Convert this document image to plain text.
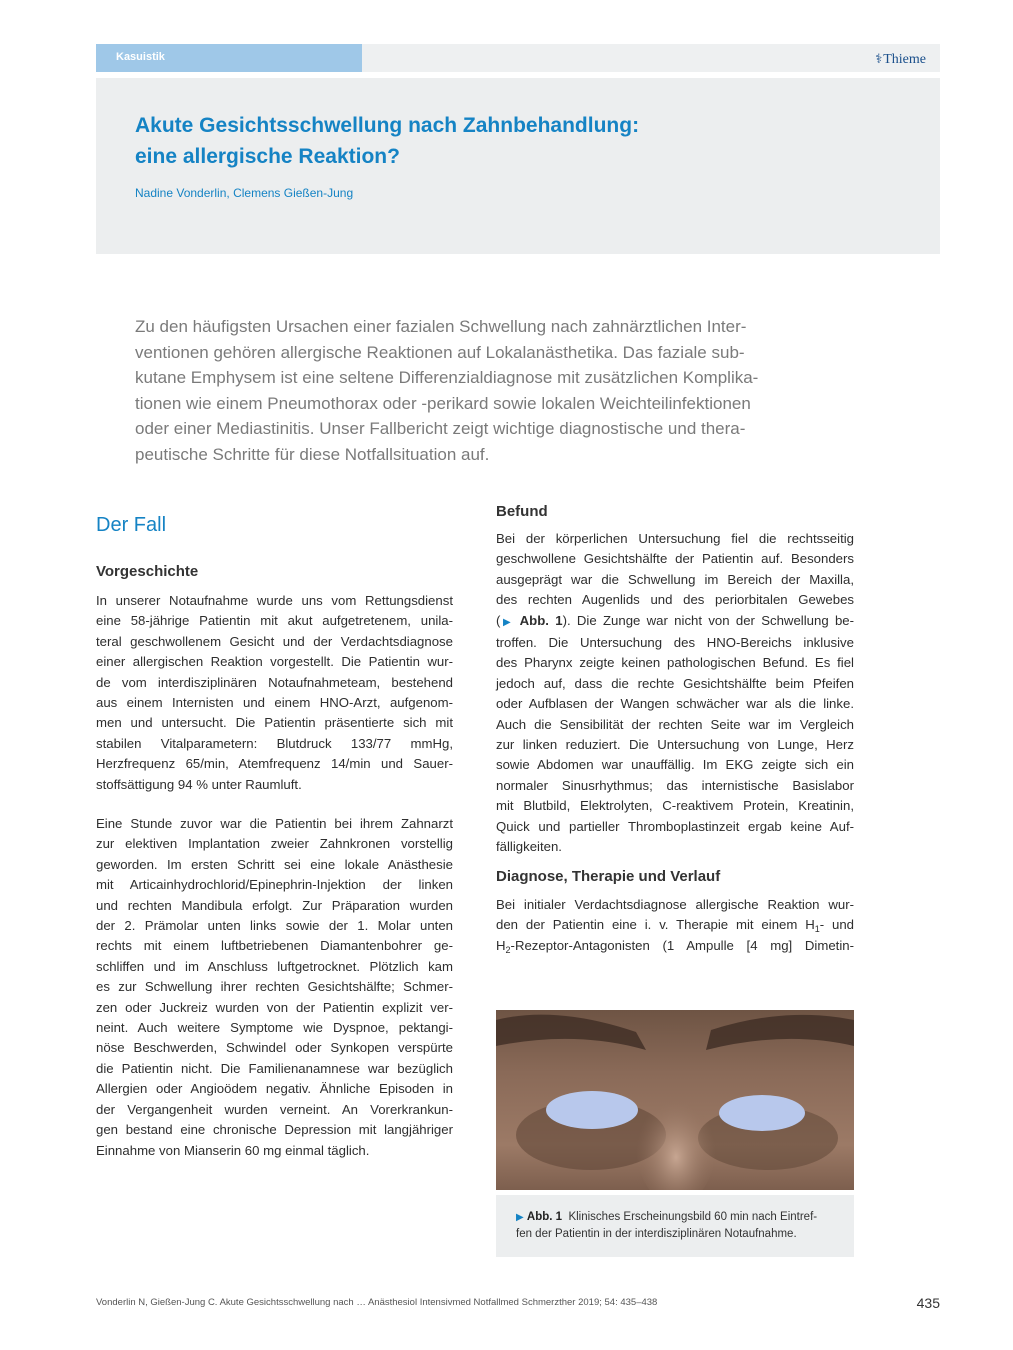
Kasuistik	⚕Thieme
Akute Gesichtsschwellung nach Zahnbehandlung:
eine allergische Reaktion?
Nadine Vonderlin, Clemens Gießen-Jung
Zu den häufigsten Ursachen einer fazialen Schwellung nach zahnärztlichen Inter-
ventionen gehören allergische Reaktionen auf Lokalanästhetika. Das faziale sub-
kutane Emphysem ist eine seltene Differenzialdiagnose mit zusätzlichen Komplika-
tionen wie einem Pneumothorax oder -perikard sowie lokalen Weichteilinfektionen
oder einer Mediastinitis. Unser Fallbericht zeigt wichtige diagnostische und thera-
peutische Schritte für diese Notfallsituation auf.
Der Fall
Vorgeschichte
In unserer Notaufnahme wurde uns vom Rettungsdienst
eine 58-jährige Patientin mit akut aufgetretenem, unila-
teral geschwollenem Gesicht und der Verdachtsdiagnose
einer allergischen Reaktion vorgestellt. Die Patientin wur-
de vom interdisziplinären Notaufnahmeteam, bestehend
aus einem Internisten und einem HNO-Arzt, aufgenom-
men und untersucht. Die Patientin präsentierte sich mit
stabilen Vitalparametern: Blutdruck 133/77 mmHg,
Herzfrequenz 65/min, Atemfrequenz 14/min und Sauer-
stoffsättigung 94 % unter Raumluft.
Eine Stunde zuvor war die Patientin bei ihrem Zahnarzt
zur elektiven Implantation zweier Zahnkronen vorstellig
geworden. Im ersten Schritt sei eine lokale Anästhesie
mit Articainhydrochlorid/Epinephrin-Injektion der linken
und rechten Mandibula erfolgt. Zur Präparation wurden
der 2. Prämolar unten links sowie der 1. Molar unten
rechts mit einem luftbetriebenen Diamantenbohrer ge-
schliffen und im Anschluss luftgetrocknet. Plötzlich kam
es zur Schwellung ihrer rechten Gesichtshälfte; Schmer-
zen oder Juckreiz wurden von der Patientin explizit ver-
neint. Auch weitere Symptome wie Dyspnoe, pektangi-
nöse Beschwerden, Schwindel oder Synkopen verspürte
die Patientin nicht. Die Familienanamnese war bezüglich
Allergien oder Angioödem negativ. Ähnliche Episoden in
der Vergangenheit wurden verneint. An Vorerkrankun-
gen bestand eine chronische Depression mit langjähriger
Einnahme von Mianserin 60 mg einmal täglich.
Befund
Bei der körperlichen Untersuchung fiel die rechtsseitig
geschwollene Gesichtshälfte der Patientin auf. Besonders
ausgeprägt war die Schwellung im Bereich der Maxilla,
des rechten Augenlids und des periorbitalen Gewebes
(▶ Abb. 1). Die Zunge war nicht von der Schwellung be-
troffen. Die Untersuchung des HNO-Bereichs inklusive
des Pharynx zeigte keinen pathologischen Befund. Es fiel
jedoch auf, dass die rechte Gesichtshälfte beim Pfeifen
oder Aufblasen der Wangen schwächer war als die linke.
Auch die Sensibilität der rechten Seite war im Vergleich
zur linken reduziert. Die Untersuchung von Lunge, Herz
sowie Abdomen war unauffällig. Im EKG zeigte sich ein
normaler Sinusrhythmus; das internistische Basislabor
mit Blutbild, Elektrolyten, C-reaktivem Protein, Kreatinin,
Quick und partieller Thromboplastinzeit ergab keine Auf-
fälligkeiten.
Diagnose, Therapie und Verlauf
Bei initialer Verdachtsdiagnose allergische Reaktion wur-
den der Patientin eine i. v. Therapie mit einem $H_1-$ und
$H_2-Rezeptor$-Antagonisten (1 Ampulle [4 mg] Dimetin-
▶ Abb. 1 Klinisches Erscheinungsbild 60 min nach Eintref-
fen der Patientin in der interdisziplinären Notaufnahme.
Vonderlin N, Gießen-Jung C. Akute Gesichtsschwellung nach … Anästhesiol Intensivmed Notfallmed Schmerzther 2019; 54: 435–438	435
